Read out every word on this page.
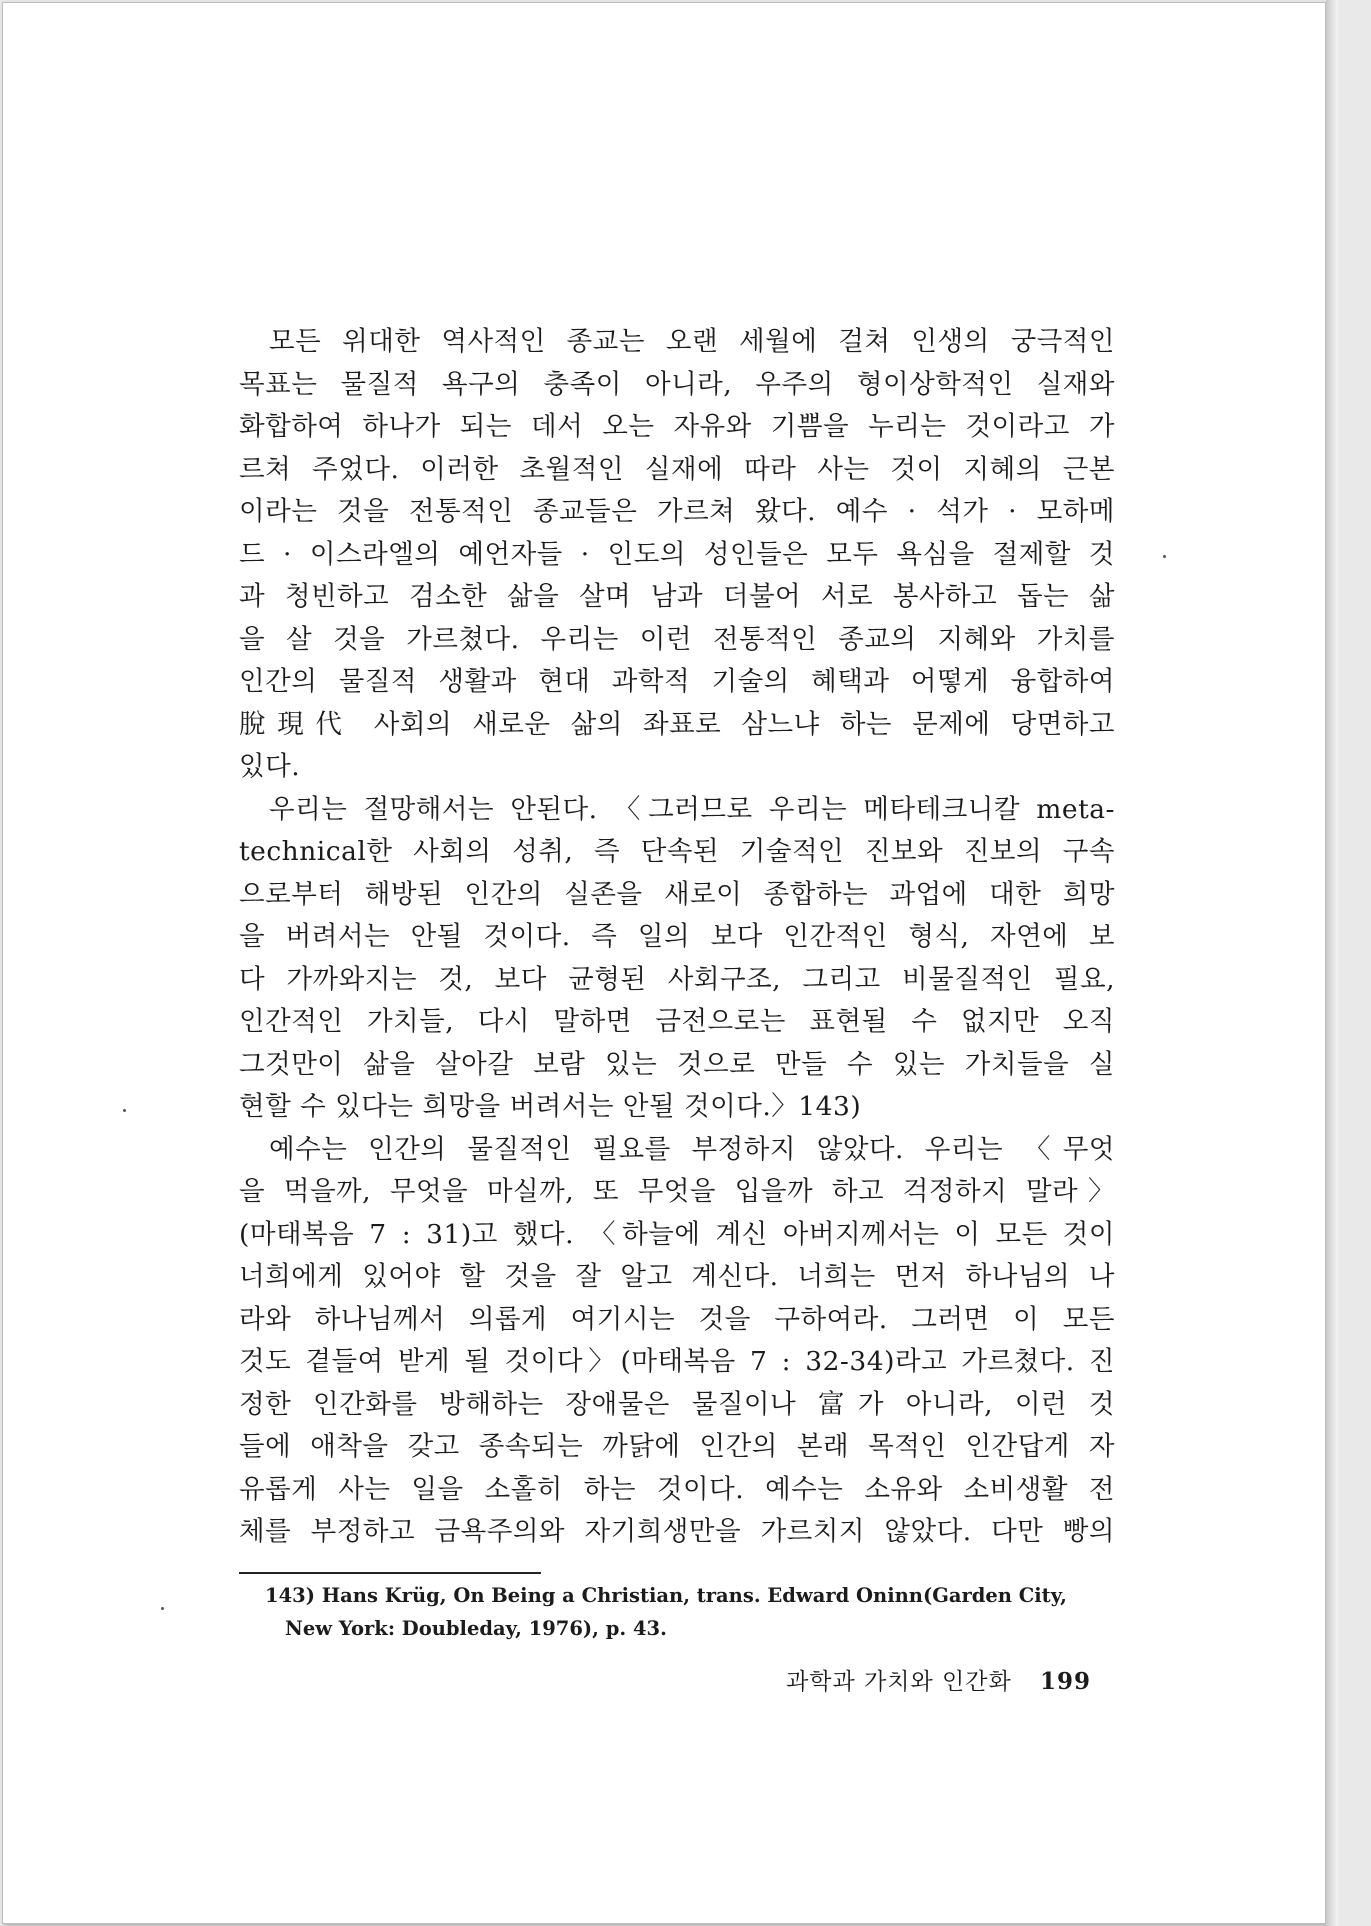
모든 위대한 역사적인 종교는 오랜 세월에 걸쳐 인생의 궁극적인
목표는 물질적 욕구의 충족이 아니라, 우주의 형이상학적인 실재와
화합하여 하나가 되는 데서 오는 자유와 기쁨을 누리는 것이라고 가
르쳐 주었다. 이러한 초월적인 실재에 따라 사는 것이 지혜의 근본
이라는 것을 전통적인 종교들은 가르쳐 왔다. 예수 · 석가 · 모하메
드 · 이스라엘의 예언자들 · 인도의 성인들은 모두 욕심을 절제할 것
과 청빈하고 검소한 삶을 살며 남과 더불어 서로 봉사하고 돕는 삶
을 살 것을 가르쳤다. 우리는 이런 전통적인 종교의 지혜와 가치를
인간의 물질적 생활과 현대 과학적 기술의 혜택과 어떻게 융합하여
脫現代 사회의 새로운 삶의 좌표로 삼느냐 하는 문제에 당면하고
있다.
우리는 절망해서는 안된다. 〈그러므로 우리는 메타테크니칼 meta-
technical한 사회의 성취, 즉 단속된 기술적인 진보와 진보의 구속
으로부터 해방된 인간의 실존을 새로이 종합하는 과업에 대한 희망
을 버려서는 안될 것이다. 즉 일의 보다 인간적인 형식, 자연에 보
다 가까와지는 것, 보다 균형된 사회구조, 그리고 비물질적인 필요,
인간적인 가치들, 다시 말하면 금전으로는 표현될 수 없지만 오직
그것만이 삶을 살아갈 보람 있는 것으로 만들 수 있는 가치들을 실
현할 수 있다는 희망을 버려서는 안될 것이다.〉143)
예수는 인간의 물질적인 필요를 부정하지 않았다. 우리는 〈무엇
을 먹을까, 무엇을 마실까, 또 무엇을 입을까 하고 걱정하지 말라〉
(마태복음 7 : 31)고 했다. 〈하늘에 계신 아버지께서는 이 모든 것이
너희에게 있어야 할 것을 잘 알고 계신다. 너희는 먼저 하나님의 나
라와 하나님께서 의롭게 여기시는 것을 구하여라. 그러면 이 모든
것도 곁들여 받게 될 것이다〉(마태복음 7 : 32-34)라고 가르쳤다. 진
정한 인간화를 방해하는 장애물은 물질이나 富가 아니라, 이런 것
들에 애착을 갖고 종속되는 까닭에 인간의 본래 목적인 인간답게 자
유롭게 사는 일을 소홀히 하는 것이다. 예수는 소유와 소비생활 전
체를 부정하고 금욕주의와 자기희생만을 가르치지 않았다. 다만 빵의
143) Hans Krüg, On Being a Christian, trans. Edward Oninn(Garden City,
New York: Doubleday, 1976), p. 43.
과학과 가치와 인간화 199
